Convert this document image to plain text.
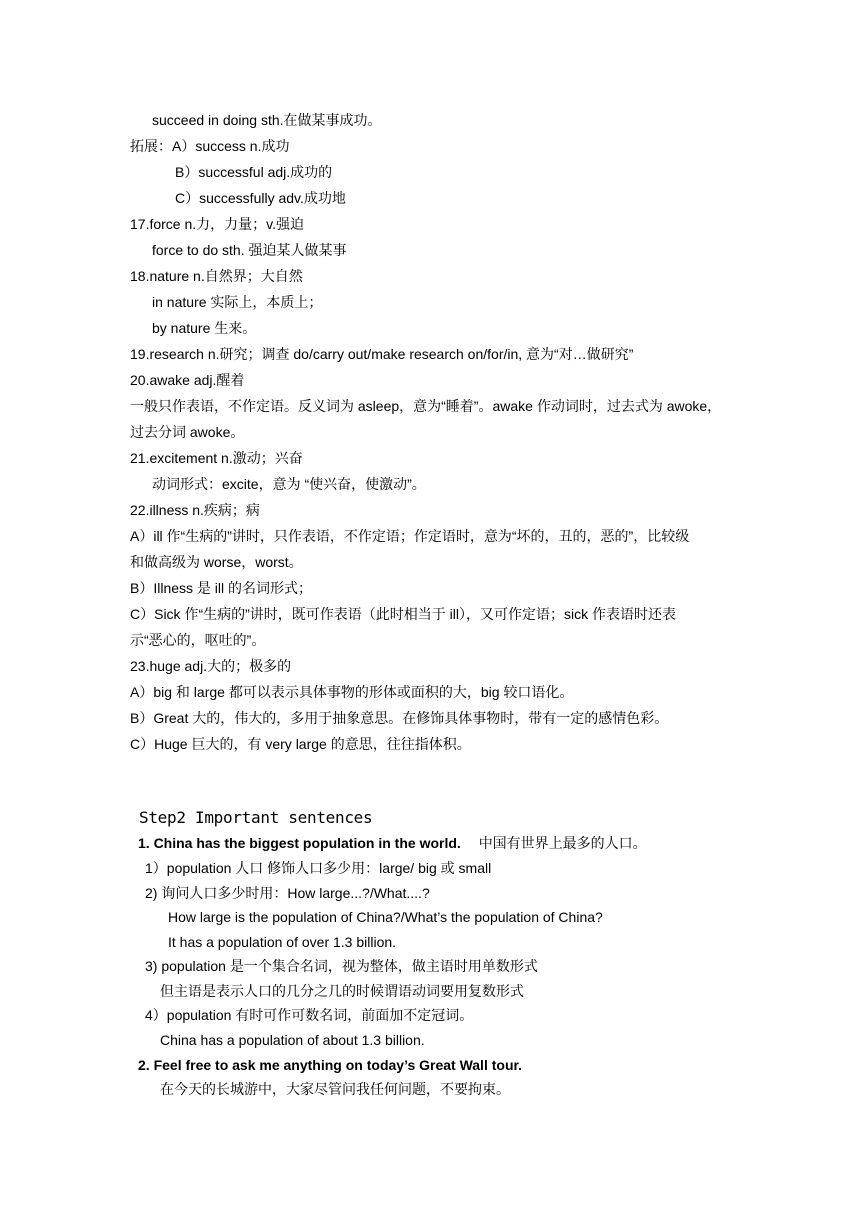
succeed in doing sth.在做某事成功。
拓展：A）success n.成功
B）successful adj.成功的
C）successfully adv.成功地
17.force n.力，力量；v.强迫
force to do sth. 强迫某人做某事
18.nature n.自然界；大自然
in nature 实际上，本质上；
by nature 生来。
19.research n.研究；调查 do/carry out/make research on/for/in, 意为“对…做研究”
20.awake adj.醒着
一般只作表语，不作定语。反义词为 asleep，意为“睡着”。awake 作动词时，过去式为 awoke，
过去分词 awoke。
21.excitement n.激动；兴奋
动词形式：excite，意为 “使兴奋，使激动”。
22.illness n.疾病；病
A）ill 作“生病的”讲时，只作表语，不作定语；作定语时，意为“坏的，丑的，恶的”，比较级
和做高级为 worse，worst。
B）Illness 是 ill 的名词形式；
C）Sick 作“生病的”讲时，既可作表语（此时相当于 ill），又可作定语；sick 作表语时还表
示“恶心的，呕吐的”。
23.huge adj.大的；极多的
A）big 和 large 都可以表示具体事物的形体或面积的大，big 较口语化。
B）Great 大的，伟大的，多用于抽象意思。在修饰具体事物时，带有一定的感情色彩。
C）Huge 巨大的，有 very large 的意思，往往指体积。
Step2 Important sentences
1. China has the biggest population in the world. 中国有世界上最多的人口。
1）population 人口 修饰人口多少用：large/ big 或 small
2) 询问人口多少时用：How large...?/What....?
How large is the population of China?/What’s the population of China?
It has a population of over 1.3 billion.
3) population 是一个集合名词，视为整体，做主语时用单数形式
但主语是表示人口的几分之几的时候谓语动词要用复数形式
4）population 有时可作可数名词，前面加不定冠词。
China has a population of about 1.3 billion.
2. Feel free to ask me anything on today’s Great Wall tour.
在今天的长城游中，大家尽管问我任何问题，不要拘束。
